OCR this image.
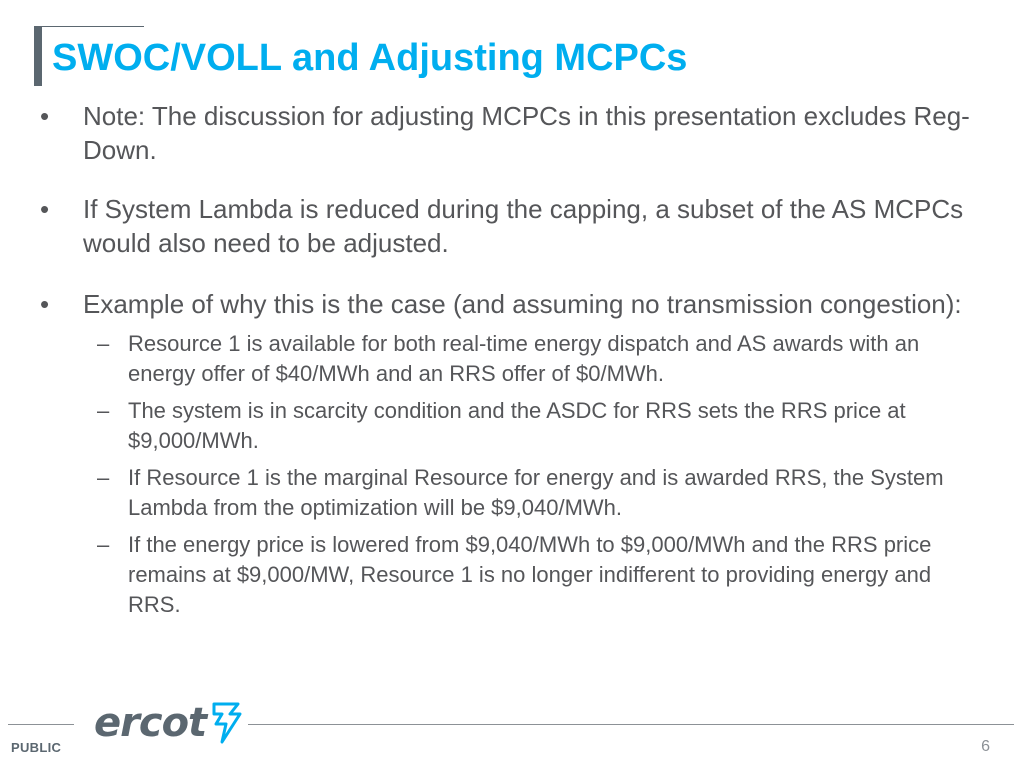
SWOC/VOLL and Adjusting MCPCs
•	Note: The discussion for adjusting MCPCs in this presentation excludes Reg-Down.
•	If System Lambda is reduced during the capping, a subset of the AS MCPCs would also need to be adjusted.
•	Example of why this is the case (and assuming no transmission congestion):
– Resource 1 is available for both real-time energy dispatch and AS awards with an energy offer of $40/MWh and an RRS offer of $0/MWh.
– The system is in scarcity condition and the ASDC for RRS sets the RRS price at $9,000/MWh.
– If Resource 1 is the marginal Resource for energy and is awarded RRS, the System Lambda from the optimization will be $9,040/MWh.
– If the energy price is lowered from $9,040/MWh to $9,000/MWh and the RRS price remains at $9,000/MW, Resource 1 is no longer indifferent to providing energy and RRS.
ercot
PUBLIC	6
